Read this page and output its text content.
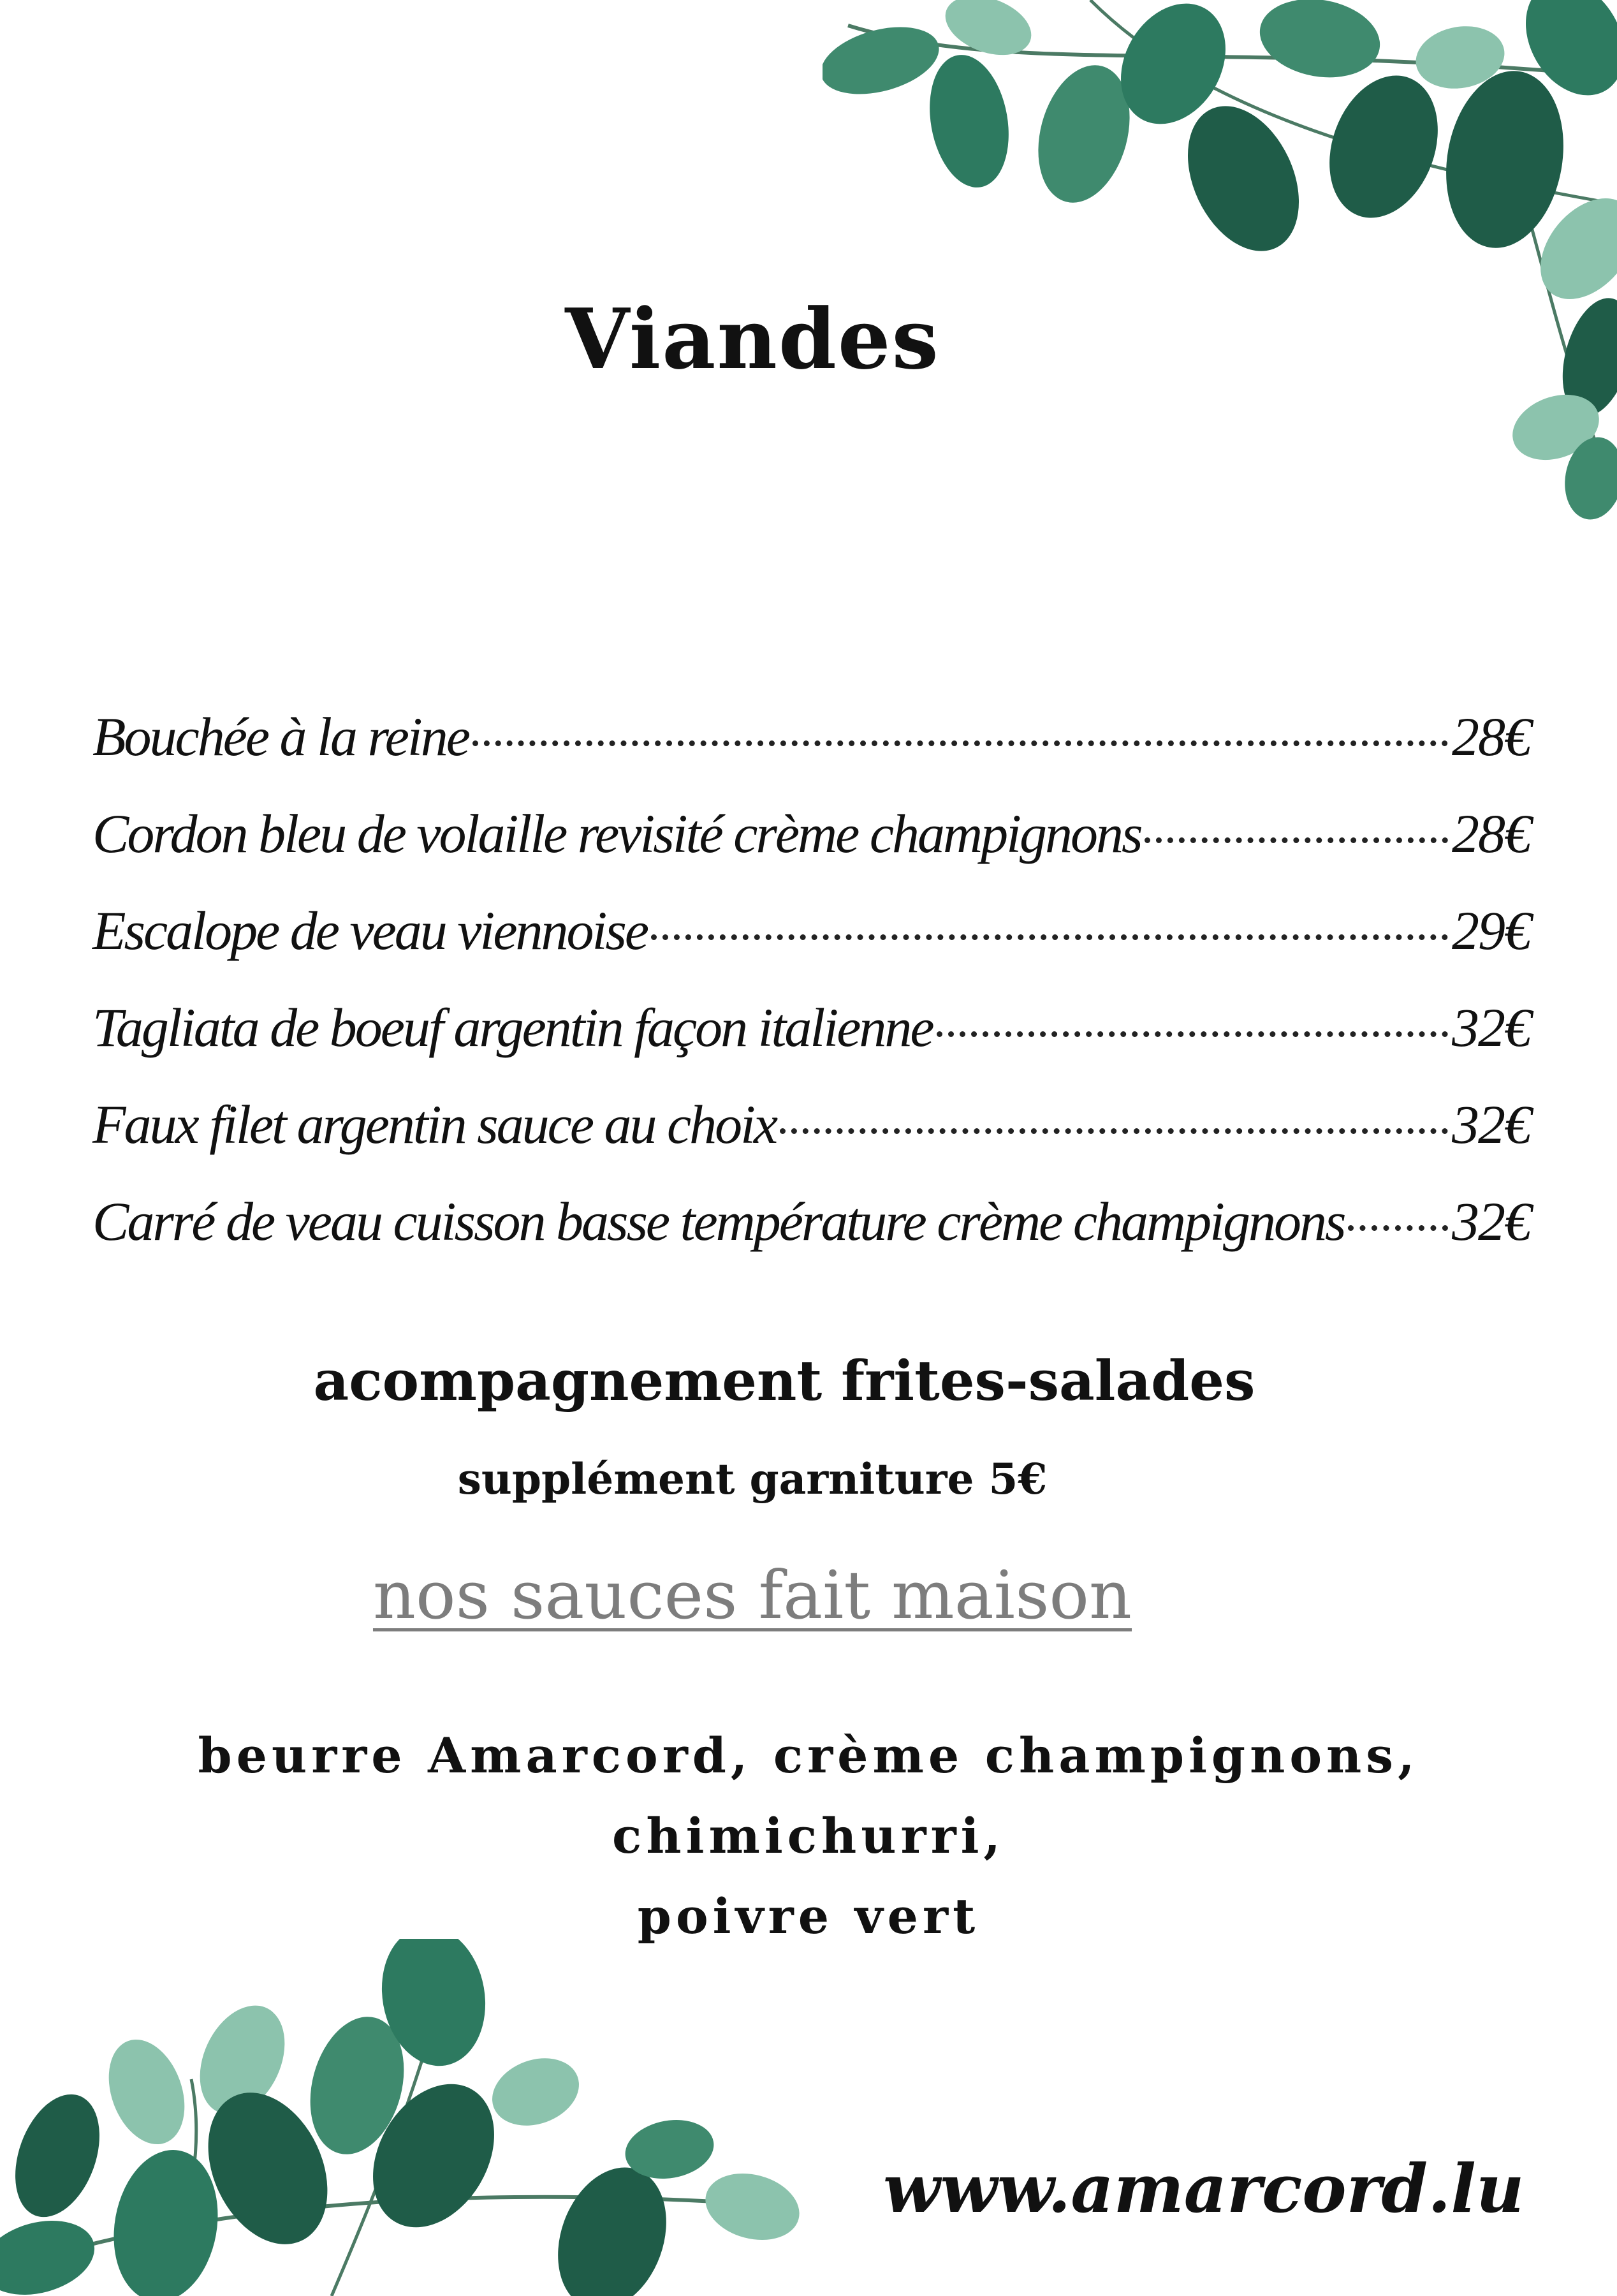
Viandes
Bouchée à la reine	28€
Cordon bleu de volaille revisité crème champignons	28€
Escalope de veau viennoise	29€
Tagliata de boeuf argentin façon italienne	32€
Faux filet argentin sauce au choix	32€
Carré de veau cuisson basse température crème champignons 32€
acompagnement frites-salades
supplément garniture 5€
nos sauces fait maison
beurre Amarcord, crème champignons, chimichurri,
poivre vert
www.amarcord.lu
